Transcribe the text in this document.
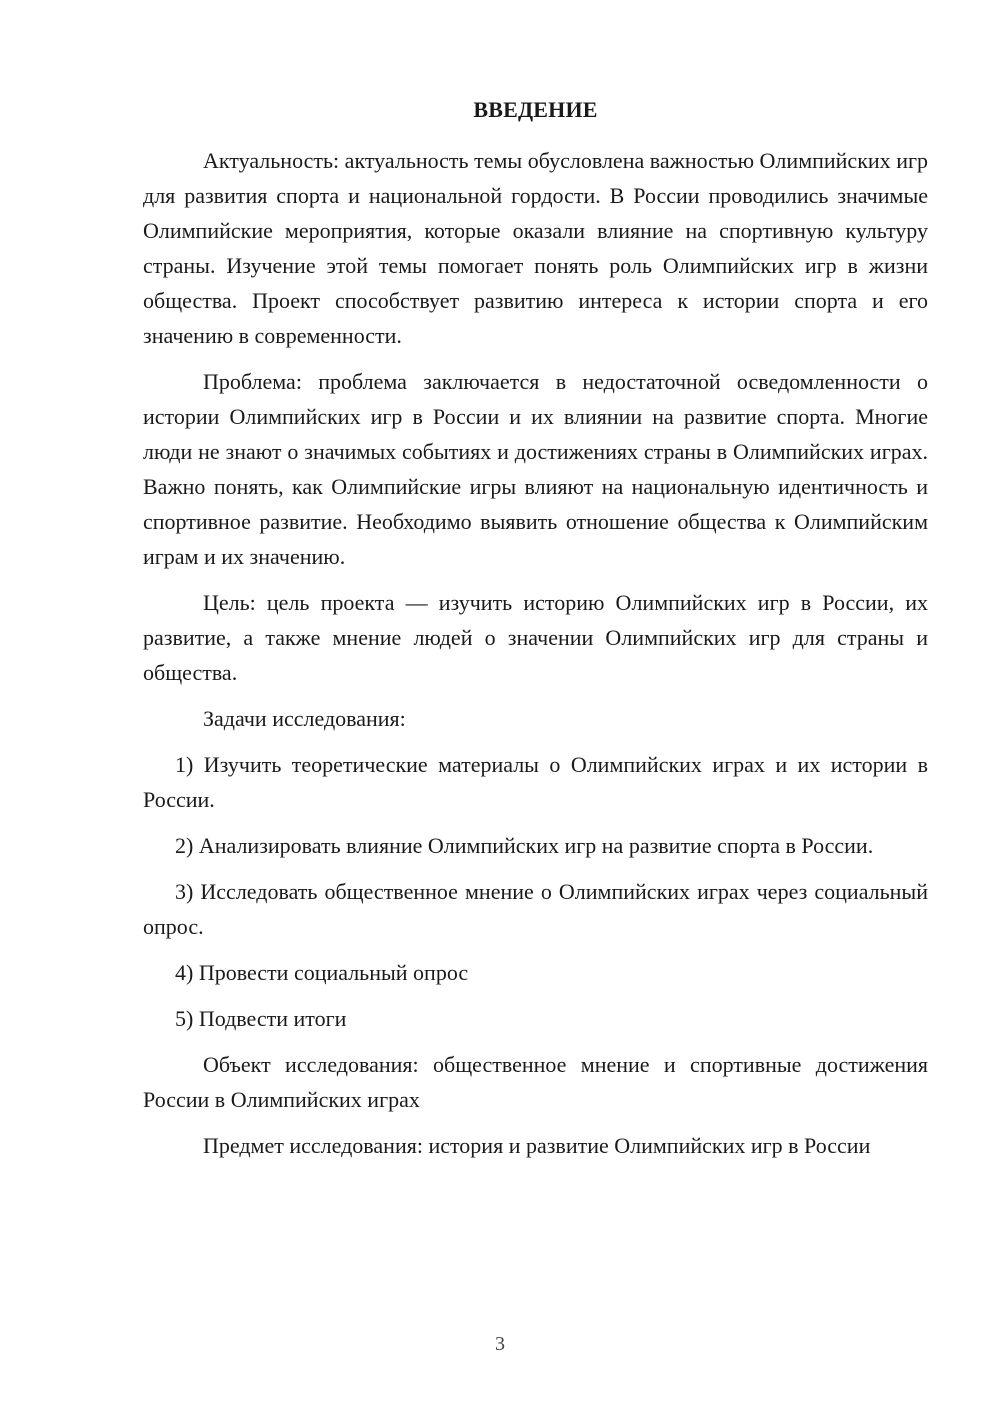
ВВЕДЕНИЕ

Актуальность: актуальность темы обусловлена важностью Олимпийских игр для развития спорта и национальной гордости. В России проводились значимые Олимпийские мероприятия, которые оказали влияние на спортивную культуру страны. Изучение этой темы помогает понять роль Олимпийских игр в жизни общества. Проект способствует развитию интереса к истории спорта и его значению в современности.

Проблема: проблема заключается в недостаточной осведомленности о истории Олимпийских игр в России и их влиянии на развитие спорта. Многие люди не знают о значимых событиях и достижениях страны в Олимпийских играх. Важно понять, как Олимпийские игры влияют на национальную идентичность и спортивное развитие. Необходимо выявить отношение общества к Олимпийским играм и их значению.

Цель: цель проекта — изучить историю Олимпийских игр в России, их развитие, а также мнение людей о значении Олимпийских игр для страны и общества.

Задачи исследования:

1) Изучить теоретические материалы о Олимпийских играх и их истории в России.

2) Анализировать влияние Олимпийских игр на развитие спорта в России.

3) Исследовать общественное мнение о Олимпийских играх через социальный опрос.

4) Провести социальный опрос

5) Подвести итоги

Объект исследования: общественное мнение и спортивные достижения России в Олимпийских играх

Предмет исследования: история и развитие Олимпийских игр в России

3
